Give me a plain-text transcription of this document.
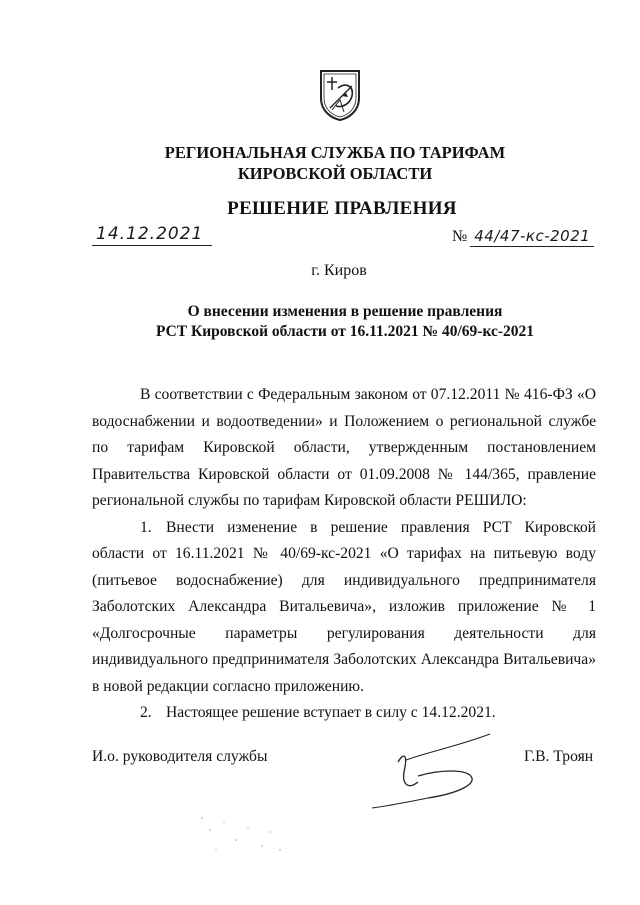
РЕГИОНАЛЬНАЯ СЛУЖБА ПО ТАРИФАМ
КИРОВСКОЙ ОБЛАСТИ
РЕШЕНИЕ ПРАВЛЕНИЯ
14.12.2021	№ 44/47-кс-2021
г. Киров
О внесении изменения в решение правления
РСТ Кировской области от 16.11.2021 № 40/69-кс-2021

В соответствии с Федеральным законом от 07.12.2011 № 416-ФЗ «О водоснабжении и водоотведении» и Положением о региональной службе по тарифам Кировской области, утвержденным постановлением Правительства Кировской области от 01.09.2008 № 144/365, правление региональной службы по тарифам Кировской области РЕШИЛО:

1. Внести изменение в решение правления РСТ Кировской области от 16.11.2021 № 40/69-кс-2021 «О тарифах на питьевую воду (питьевое водоснабжение) для индивидуального предпринимателя Заболотских Александра Витальевича», изложив приложение № 1 «Долгосрочные параметры регулирования деятельности для индивидуального предпринимателя Заболотских Александра Витальевича» в новой редакции согласно приложению.

2. Настоящее решение вступает в силу с 14.12.2021.

И.о. руководителя службы	Г.В. Троян
